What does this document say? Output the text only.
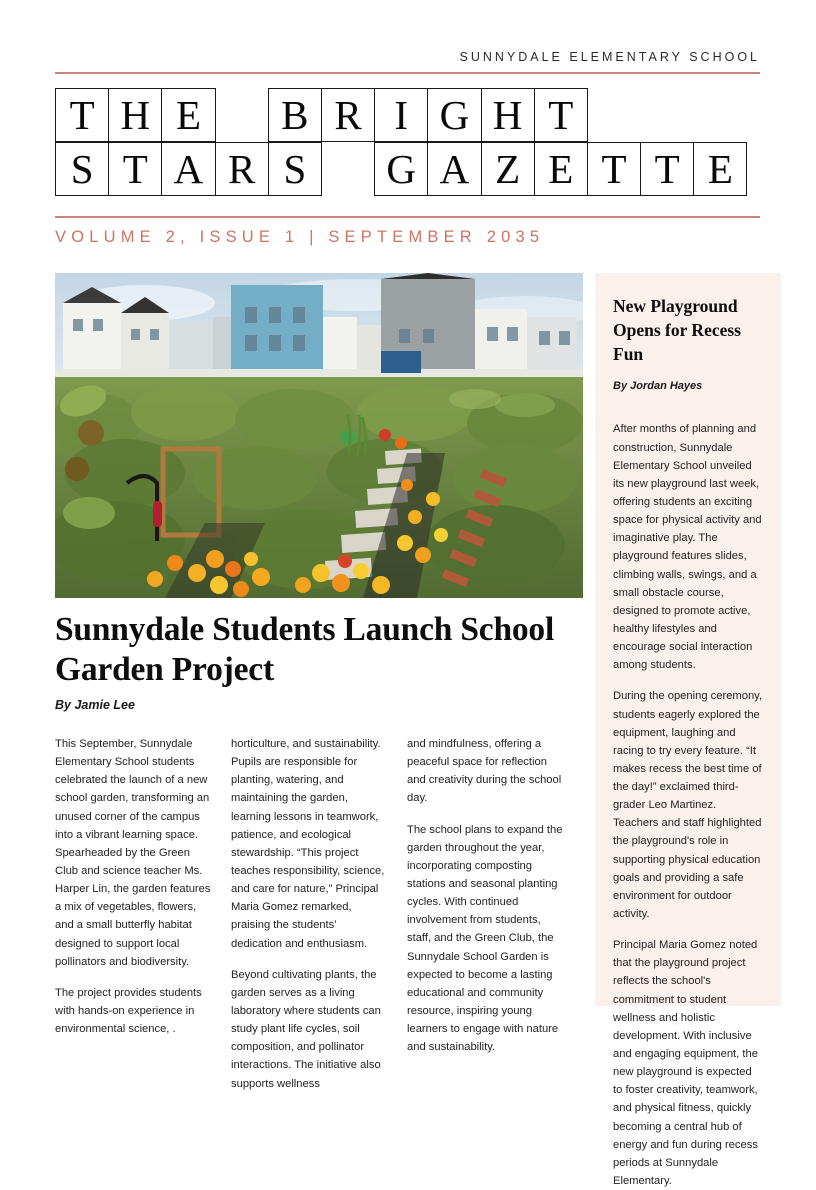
SUNNYDALE ELEMENTARY SCHOOL
T H E	B R I G H T
S T A R S	G A Z E T T E
VOLUME 2, ISSUE 1 | SEPTEMBER 2035
Sunnydale Students Launch School Garden Project
By Jamie Lee

This September, Sunnydale Elementary School students celebrated the launch of a new school garden, transforming an unused corner of the campus into a vibrant learning space. Spearheaded by the Green Club and science teacher Ms. Harper Lin, the garden features a mix of vegetables, flowers, and a small butterfly habitat designed to support local pollinators and biodiversity.

The project provides students with hands-on experience in environmental science, .

horticulture, and sustainability. Pupils are responsible for planting, watering, and maintaining the garden, learning lessons in teamwork, patience, and ecological stewardship. “This project teaches responsibility, science, and care for nature,” Principal Maria Gomez remarked, praising the students’ dedication and enthusiasm.

Beyond cultivating plants, the garden serves as a living laboratory where students can study plant life cycles, soil composition, and pollinator interactions. The initiative also supports wellness

and mindfulness, offering a peaceful space for reflection and creativity during the school day.

The school plans to expand the garden throughout the year, incorporating composting stations and seasonal planting cycles. With continued involvement from students, staff, and the Green Club, the Sunnydale School Garden is expected to become a lasting educational and community resource, inspiring young learners to engage with nature and sustainability.

New Playground Opens for Recess Fun
By Jordan Hayes

After months of planning and construction, Sunnydale Elementary School unveiled its new playground last week, offering students an exciting space for physical activity and imaginative play. The playground features slides, climbing walls, swings, and a small obstacle course, designed to promote active, healthy lifestyles and encourage social interaction among students.

During the opening ceremony, students eagerly explored the equipment, laughing and racing to try every feature. “It makes recess the best time of the day!” exclaimed third-grader Leo Martinez. Teachers and staff highlighted the playground's role in supporting physical education goals and providing a safe environment for outdoor activity.

Principal Maria Gomez noted that the playground project reflects the school's commitment to student wellness and holistic development. With inclusive and engaging equipment, the new playground is expected to foster creativity, teamwork, and physical fitness, quickly becoming a central hub of energy and fun during recess periods at Sunnydale Elementary.
